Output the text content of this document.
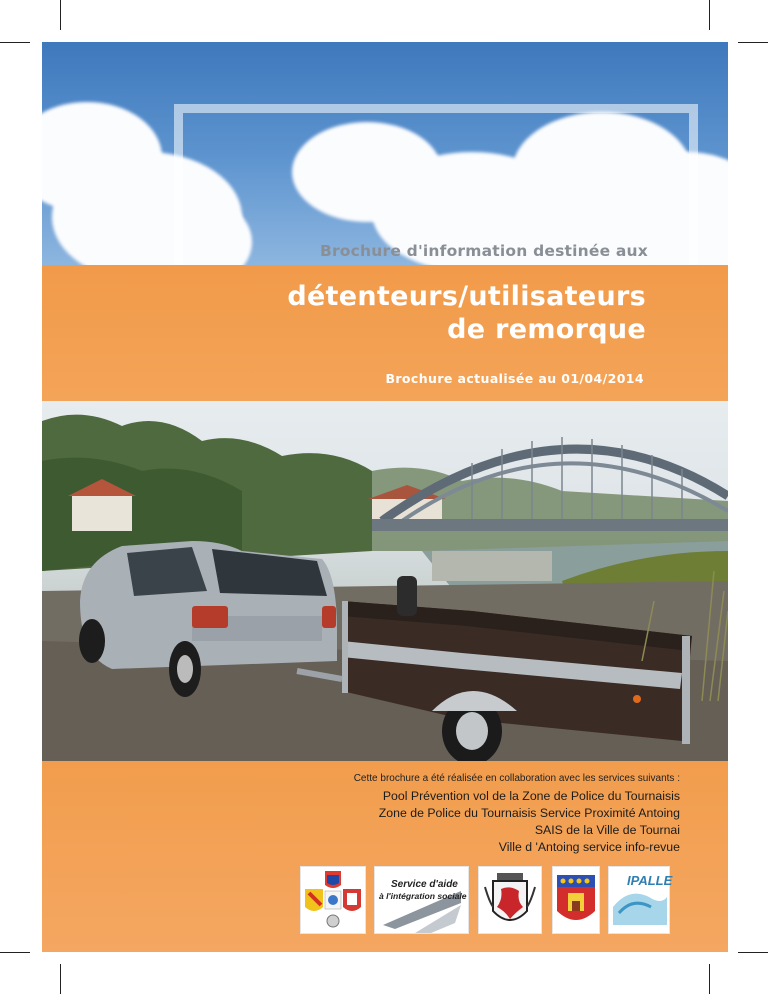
Brochure d'information destinée aux
détenteurs/utilisateurs
de remorque
Brochure actualisée au 01/04/2014
Cette brochure a été réalisée en collaboration avec les services suivants :
Pool Prévention vol de la Zone de Police du Tournaisis
Zone de Police du Tournaisis Service Proximité Antoing
SAIS de la Ville de Tournai
Ville d 'Antoing service info-revue
Service d'aide
à l'intégration sociale
IPALLE
